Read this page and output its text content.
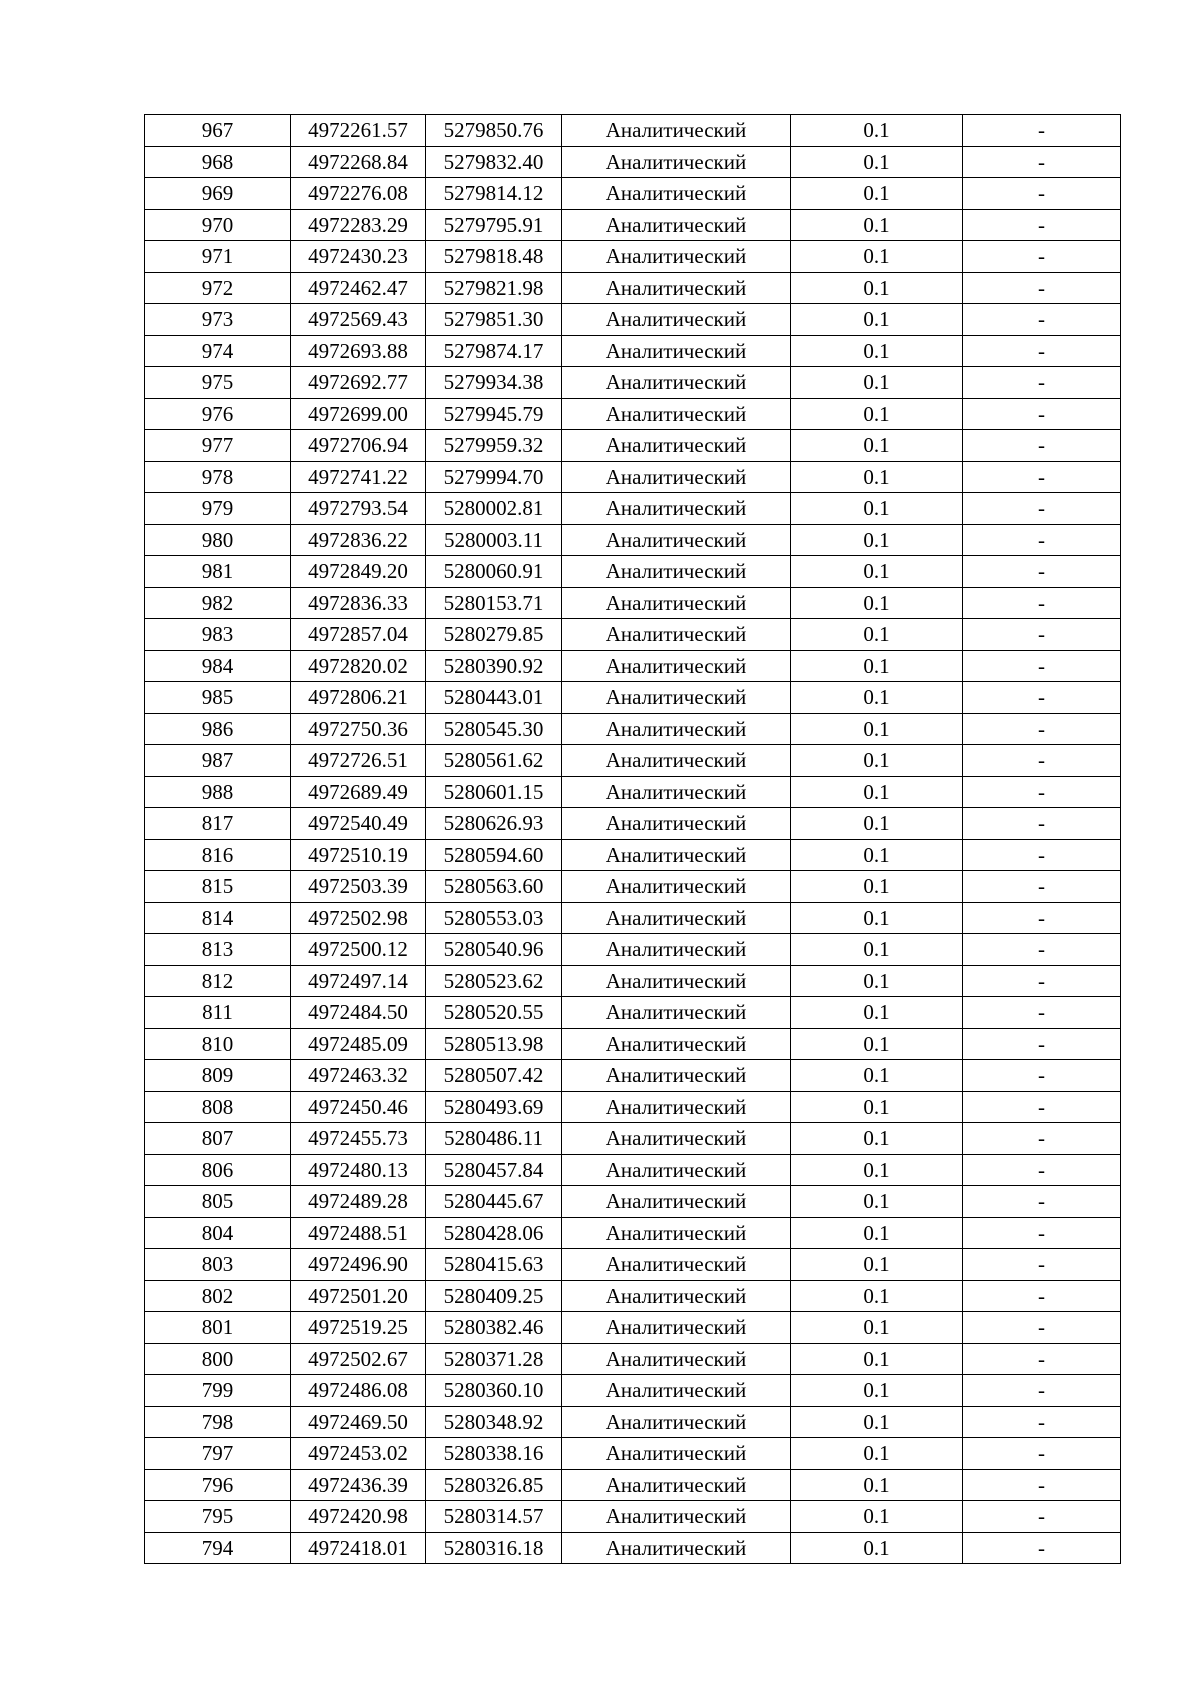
967	4972261.57	5279850.76	Аналитический	0.1	-
968	4972268.84	5279832.40	Аналитический	0.1	-
969	4972276.08	5279814.12	Аналитический	0.1	-
970	4972283.29	5279795.91	Аналитический	0.1	-
971	4972430.23	5279818.48	Аналитический	0.1	-
972	4972462.47	5279821.98	Аналитический	0.1	-
973	4972569.43	5279851.30	Аналитический	0.1	-
974	4972693.88	5279874.17	Аналитический	0.1	-
975	4972692.77	5279934.38	Аналитический	0.1	-
976	4972699.00	5279945.79	Аналитический	0.1	-
977	4972706.94	5279959.32	Аналитический	0.1	-
978	4972741.22	5279994.70	Аналитический	0.1	-
979	4972793.54	5280002.81	Аналитический	0.1	-
980	4972836.22	5280003.11	Аналитический	0.1	-
981	4972849.20	5280060.91	Аналитический	0.1	-
982	4972836.33	5280153.71	Аналитический	0.1	-
983	4972857.04	5280279.85	Аналитический	0.1	-
984	4972820.02	5280390.92	Аналитический	0.1	-
985	4972806.21	5280443.01	Аналитический	0.1	-
986	4972750.36	5280545.30	Аналитический	0.1	-
987	4972726.51	5280561.62	Аналитический	0.1	-
988	4972689.49	5280601.15	Аналитический	0.1	-
817	4972540.49	5280626.93	Аналитический	0.1	-
816	4972510.19	5280594.60	Аналитический	0.1	-
815	4972503.39	5280563.60	Аналитический	0.1	-
814	4972502.98	5280553.03	Аналитический	0.1	-
813	4972500.12	5280540.96	Аналитический	0.1	-
812	4972497.14	5280523.62	Аналитический	0.1	-
811	4972484.50	5280520.55	Аналитический	0.1	-
810	4972485.09	5280513.98	Аналитический	0.1	-
809	4972463.32	5280507.42	Аналитический	0.1	-
808	4972450.46	5280493.69	Аналитический	0.1	-
807	4972455.73	5280486.11	Аналитический	0.1	-
806	4972480.13	5280457.84	Аналитический	0.1	-
805	4972489.28	5280445.67	Аналитический	0.1	-
804	4972488.51	5280428.06	Аналитический	0.1	-
803	4972496.90	5280415.63	Аналитический	0.1	-
802	4972501.20	5280409.25	Аналитический	0.1	-
801	4972519.25	5280382.46	Аналитический	0.1	-
800	4972502.67	5280371.28	Аналитический	0.1	-
799	4972486.08	5280360.10	Аналитический	0.1	-
798	4972469.50	5280348.92	Аналитический	0.1	-
797	4972453.02	5280338.16	Аналитический	0.1	-
796	4972436.39	5280326.85	Аналитический	0.1	-
795	4972420.98	5280314.57	Аналитический	0.1	-
794	4972418.01	5280316.18	Аналитический	0.1	-
